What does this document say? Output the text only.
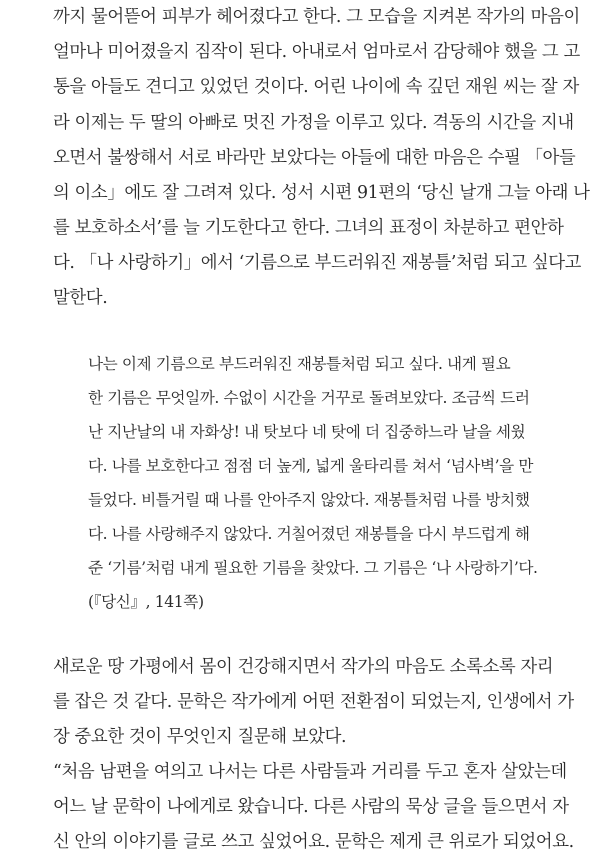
까지 물어뜯어 피부가 헤어졌다고 한다. 그 모습을 지켜본 작가의 마음이
얼마나 미어졌을지 짐작이 된다. 아내로서 엄마로서 감당해야 했을 그 고
통을 아들도 견디고 있었던 것이다. 어린 나이에 속 깊던 재원 씨는 잘 자
라 이제는 두 딸의 아빠로 멋진 가정을 이루고 있다. 격동의 시간을 지내
오면서 불쌍해서 서로 바라만 보았다는 아들에 대한 마음은 수필 「아들
의 이소」에도 잘 그려져 있다. 성서 시편 91편의 ‘당신 날개 그늘 아래 나
를 보호하소서’를 늘 기도한다고 한다. 그녀의 표정이 차분하고 편안하
다. 「나 사랑하기」에서 ‘기름으로 부드러워진 재봉틀’처럼 되고 싶다고
말한다.
나는 이제 기름으로 부드러워진 재봉틀처럼 되고 싶다. 내게 필요
한 기름은 무엇일까. 수없이 시간을 거꾸로 돌려보았다. 조금씩 드러
난 지난날의 내 자화상! 내 탓보다 네 탓에 더 집중하느라 날을 세웠
다. 나를 보호한다고 점점 더 높게, 넓게 울타리를 쳐서 ‘넘사벽’을 만
들었다. 비틀거릴 때 나를 안아주지 않았다. 재봉틀처럼 나를 방치했
다. 나를 사랑해주지 않았다. 거칠어졌던 재봉틀을 다시 부드럽게 해
준 ‘기름’처럼 내게 필요한 기름을 찾았다. 그 기름은 ‘나 사랑하기’다.
(『당신』, 141쪽)
새로운 땅 가평에서 몸이 건강해지면서 작가의 마음도 소록소록 자리
를 잡은 것 같다. 문학은 작가에게 어떤 전환점이 되었는지, 인생에서 가
장 중요한 것이 무엇인지 질문해 보았다.
“처음 남편을 여의고 나서는 다른 사람들과 거리를 두고 혼자 살았는데
어느 날 문학이 나에게로 왔습니다. 다른 사람의 묵상 글을 들으면서 자
신 안의 이야기를 글로 쓰고 싶었어요. 문학은 제게 큰 위로가 되었어요.
